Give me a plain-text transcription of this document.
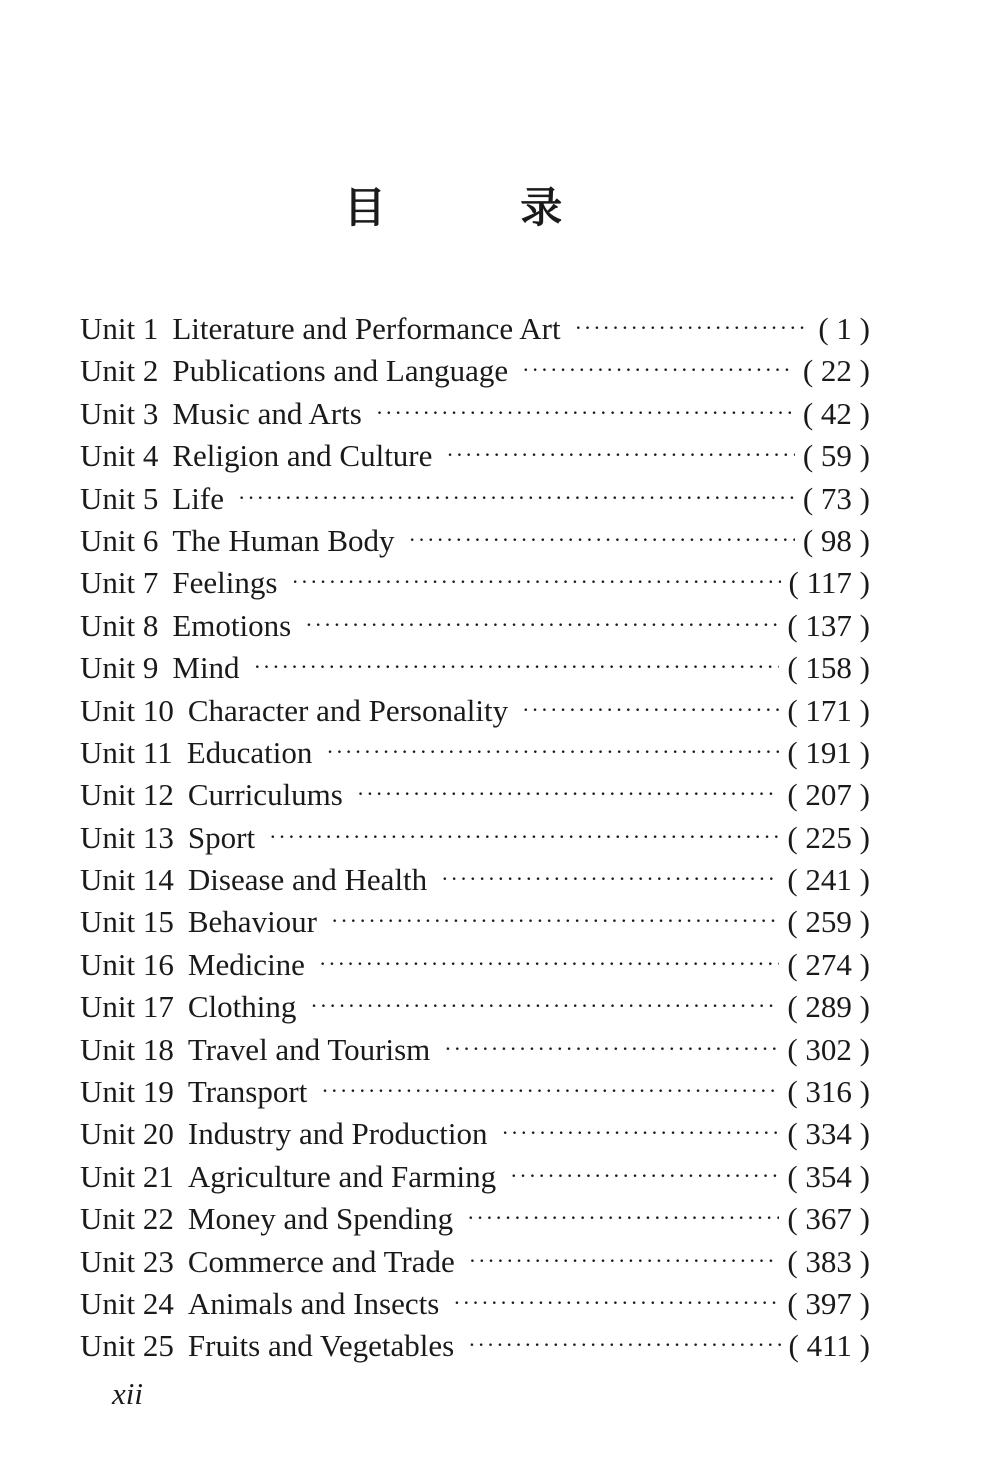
目 录
Unit 1 Literature and Performance Art ·····	( 1 )
Unit 2 Publications and Language ·····	( 22 )
Unit 3 Music and Arts ·····	( 42 )
Unit 4 Religion and Culture ·····	( 59 )
Unit 5 Life ·····	( 73 )
Unit 6 The Human Body ·····	( 98 )
Unit 7 Feelings ·····	( 117 )
Unit 8 Emotions ·····	( 137 )
Unit 9 Mind ·····	( 158 )
Unit 10 Character and Personality ·····	( 171 )
Unit 11 Education ·····	( 191 )
Unit 12 Curriculums ·····	( 207 )
Unit 13 Sport ·····	( 225 )
Unit 14 Disease and Health ·····	( 241 )
Unit 15 Behaviour ·····	( 259 )
Unit 16 Medicine ·····	( 274 )
Unit 17 Clothing ·····	( 289 )
Unit 18 Travel and Tourism ·····	( 302 )
Unit 19 Transport ·····	( 316 )
Unit 20 Industry and Production ·····	( 334 )
Unit 21 Agriculture and Farming ·····	( 354 )
Unit 22 Money and Spending ·····	( 367 )
Unit 23 Commerce and Trade ·····	( 383 )
Unit 24 Animals and Insects ·····	( 397 )
Unit 25 Fruits and Vegetables ·····	( 411 )
xii
